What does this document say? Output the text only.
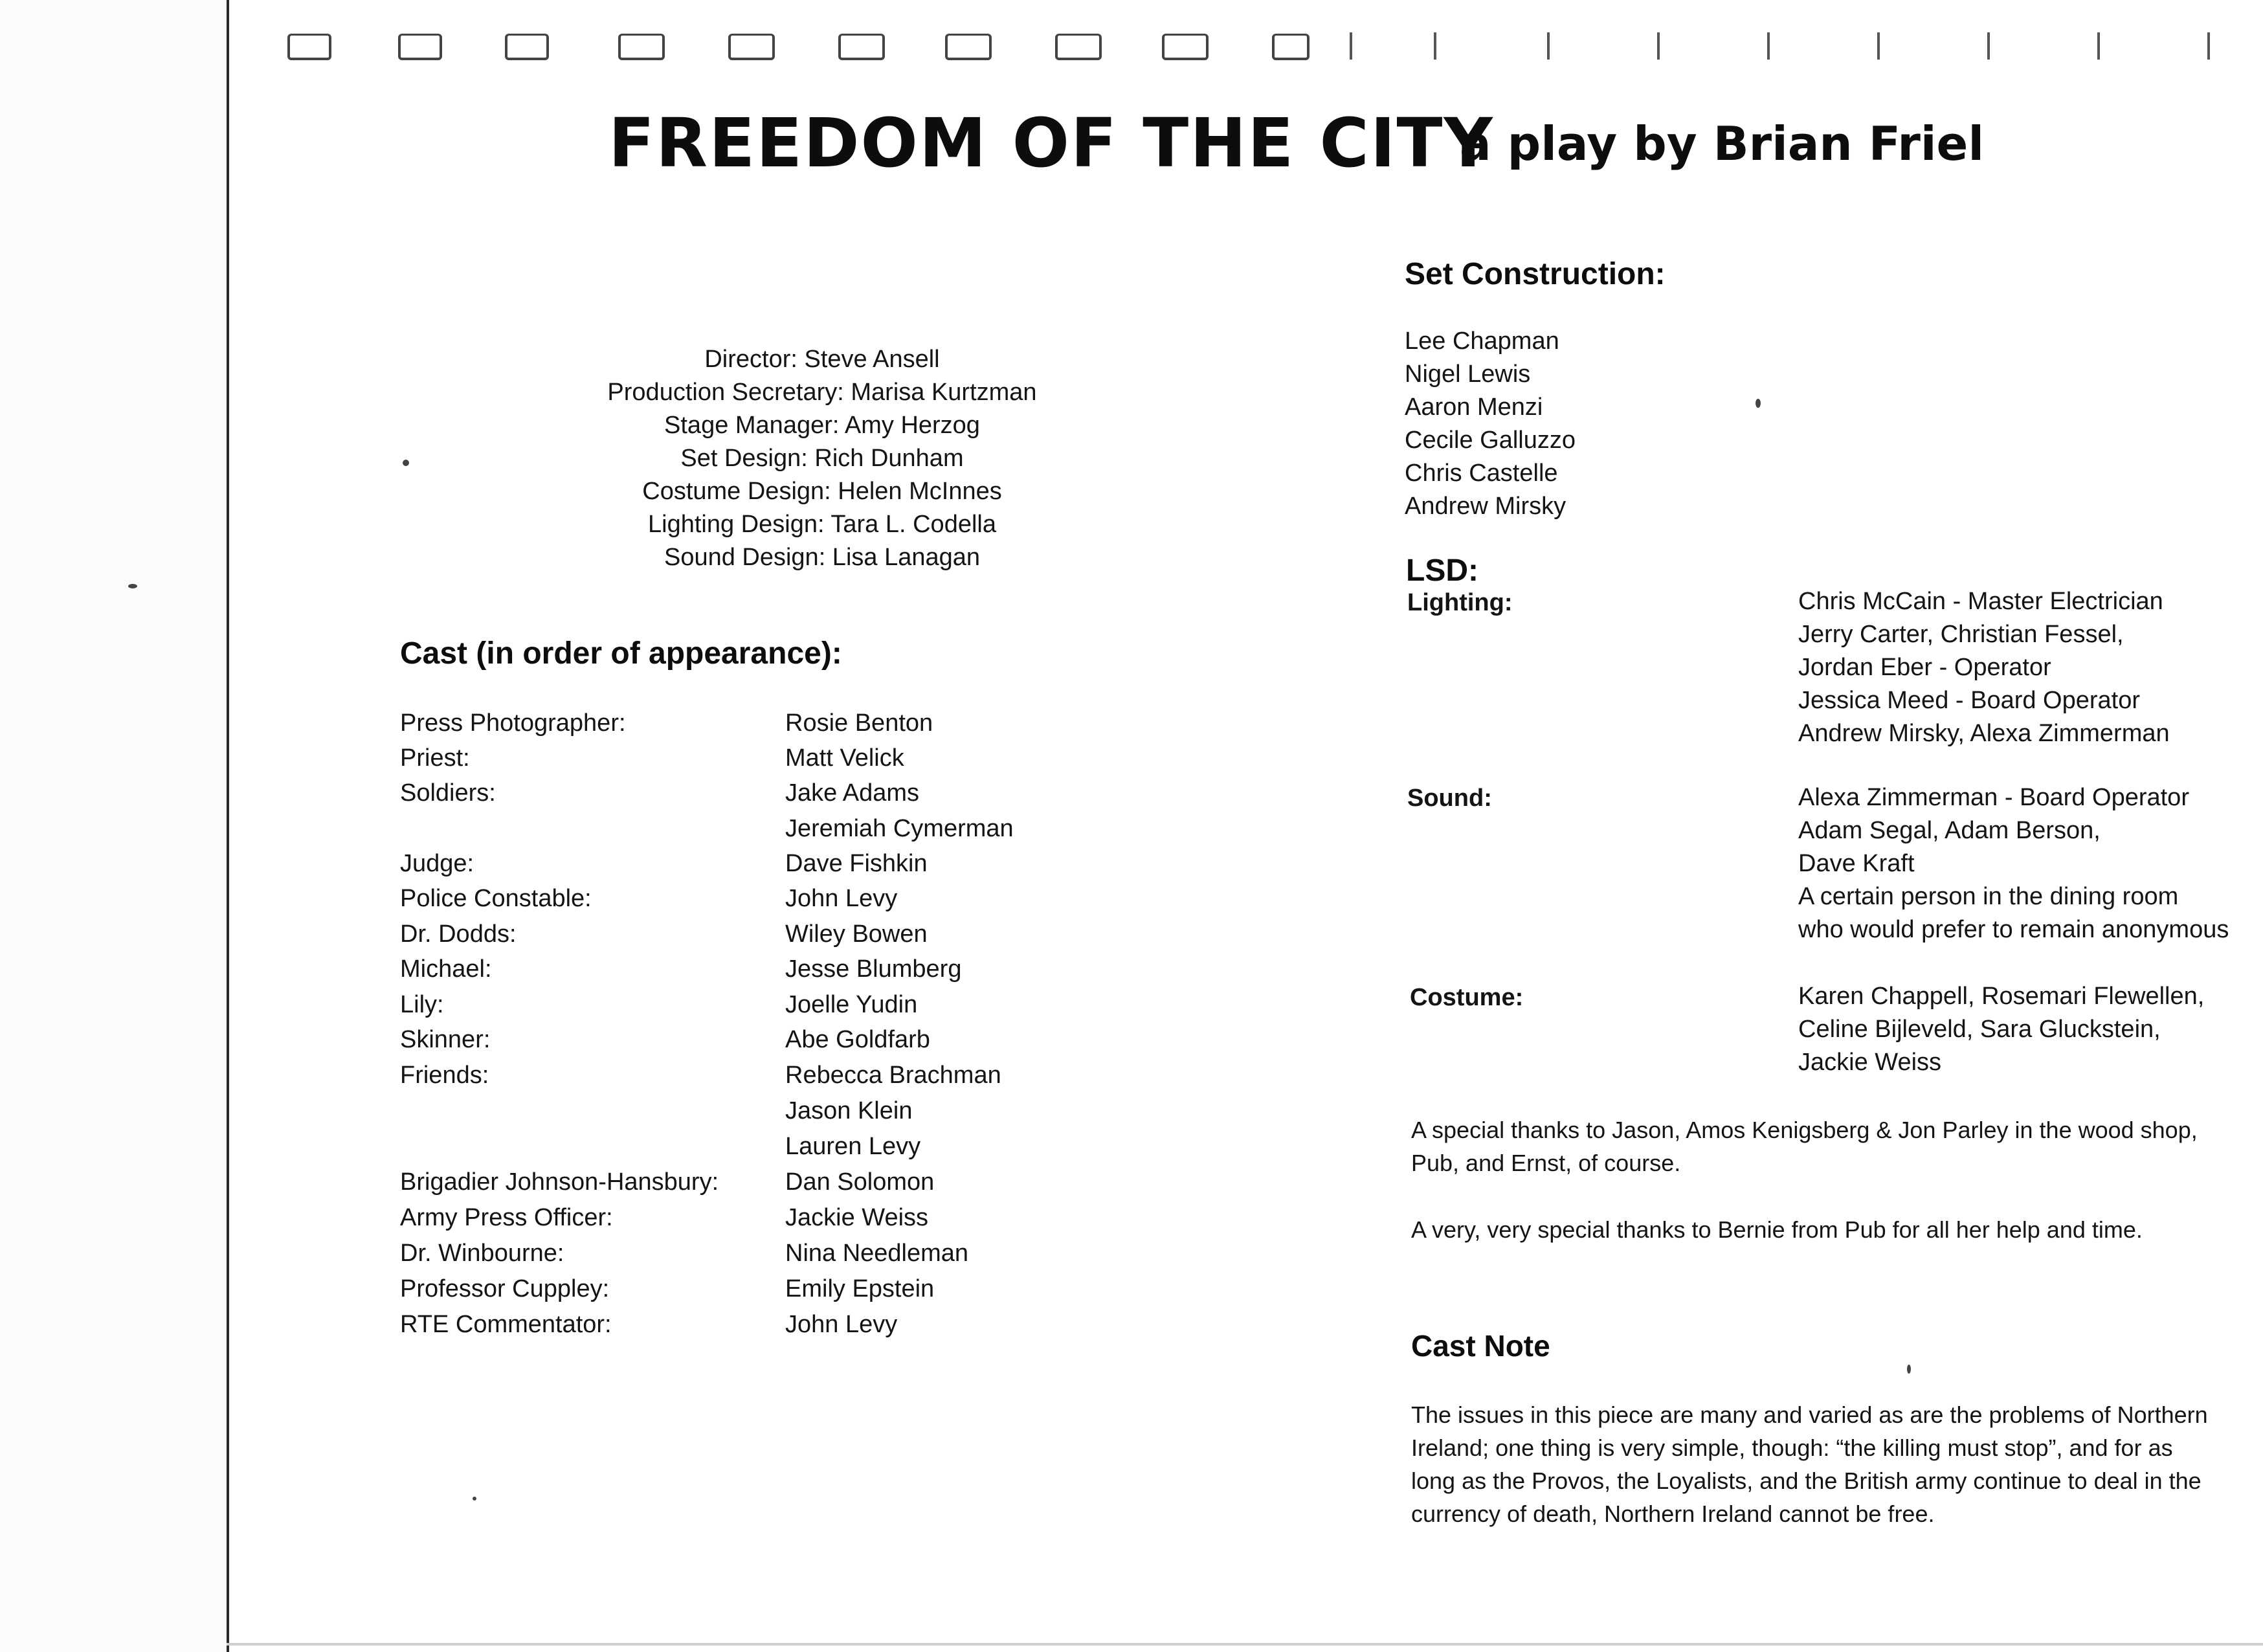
FREEDOM OF THE CITY
a play by Brian Friel
Director: Steve Ansell
Production Secretary: Marisa Kurtzman
Stage Manager: Amy Herzog
Set Design: Rich Dunham
Costume Design: Helen McInnes
Lighting Design: Tara L. Codella
Sound Design: Lisa Lanagan
Cast (in order of appearance):
Press Photographer:	Rosie Benton
Priest:	Matt Velick
Soldiers:	Jake Adams
Jeremiah Cymerman
Judge:	Dave Fishkin
Police Constable:	John Levy
Dr. Dodds:	Wiley Bowen
Michael:	Jesse Blumberg
Lily:	Joelle Yudin
Skinner:	Abe Goldfarb
Friends:	Rebecca Brachman
Jason Klein
Lauren Levy
Brigadier Johnson-Hansbury:	Dan Solomon
Army Press Officer:	Jackie Weiss
Dr. Winbourne:	Nina Needleman
Professor Cuppley:	Emily Epstein
RTE Commentator:	John Levy
Set Construction:
Lee Chapman
Nigel Lewis
Aaron Menzi
Cecile Galluzzo
Chris Castelle
Andrew Mirsky
LSD:
Lighting:	Chris McCain - Master Electrician
Jerry Carter, Christian Fessel,
Jordan Eber - Operator
Jessica Meed - Board Operator
Andrew Mirsky, Alexa Zimmerman
Sound:	Alexa Zimmerman - Board Operator
Adam Segal, Adam Berson,
Dave Kraft
A certain person in the dining room
who would prefer to remain anonymous
Costume:	Karen Chappell, Rosemari Flewellen,
Celine Bijleveld, Sara Gluckstein,
Jackie Weiss

A special thanks to Jason, Amos Kenigsberg & Jon Parley in the wood shop, Pub, and Ernst, of course.

A very, very special thanks to Bernie from Pub for all her help and time.

Cast Note

The issues in this piece are many and varied as are the problems of Northern Ireland; one thing is very simple, though: “the killing must stop”, and for as long as the Provos, the Loyalists, and the British army continue to deal in the currency of death, Northern Ireland cannot be free.
